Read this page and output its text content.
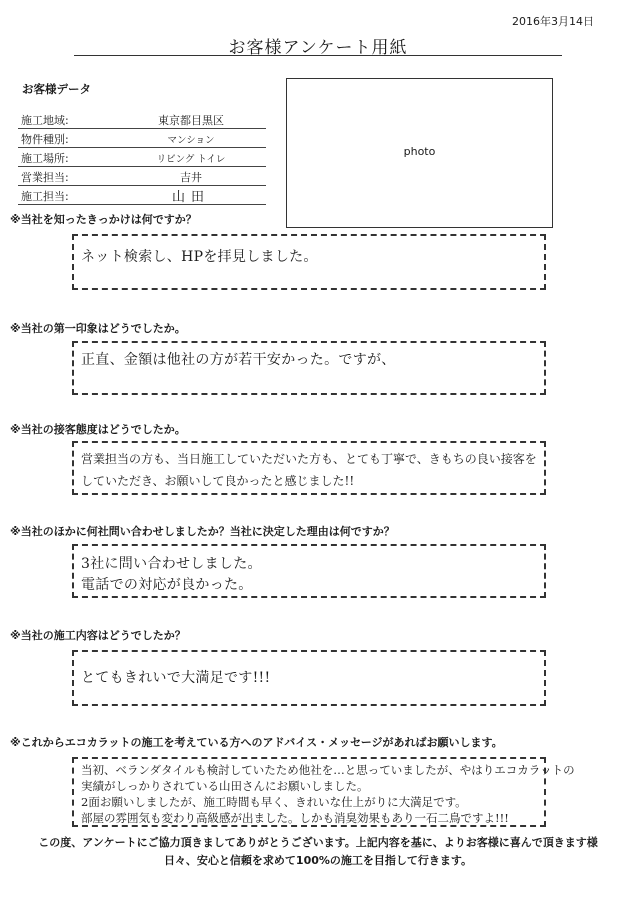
2016年3月14日
お客様アンケート用紙
お客様データ
施工地域:	東京都目黒区
物件種別:	マンション
施工場所:	リビング トイレ
営業担当:	吉井
施工担当:	山田
photo
※当社を知ったきっかけは何ですか？
ネット検索し、HPを拝見しました。
※当社の第一印象はどうでしたか。
正直、金額は他社の方が若干安かった。ですが、
※当社の接客態度はどうでしたか。
営業担当の方も、当日施工していただいた方も、とても丁寧で、きもちの良い接客を
していただき、お願いして良かったと感じました!!
※当社のほかに何社問い合わせしましたか？当社に決定した理由は何ですか？
3社に問い合わせしました。
電話での対応が良かった。
※当社の施工内容はどうでしたか？
とてもきれいで大満足です!!!
※これからエコカラットの施工を考えている方へのアドバイス・メッセージがあればお願いします。
当初、ベランダタイルも検討していたため他社を…と思っていましたが、やはりエコカラットの
実績がしっかりされている山田さんにお願いしました。
2面お願いしましたが、施工時間も早く、きれいな仕上がりに大満足です。
部屋の雰囲気も変わり高級感が出ました。しかも消臭効果もあり一石二鳥ですよ!!!
この度、アンケートにご協力頂きましてありがとうございます。上記内容を基に、よりお客様に喜んで頂きます様
日々、安心と信頼を求めて100%の施工を目指して行きます。
